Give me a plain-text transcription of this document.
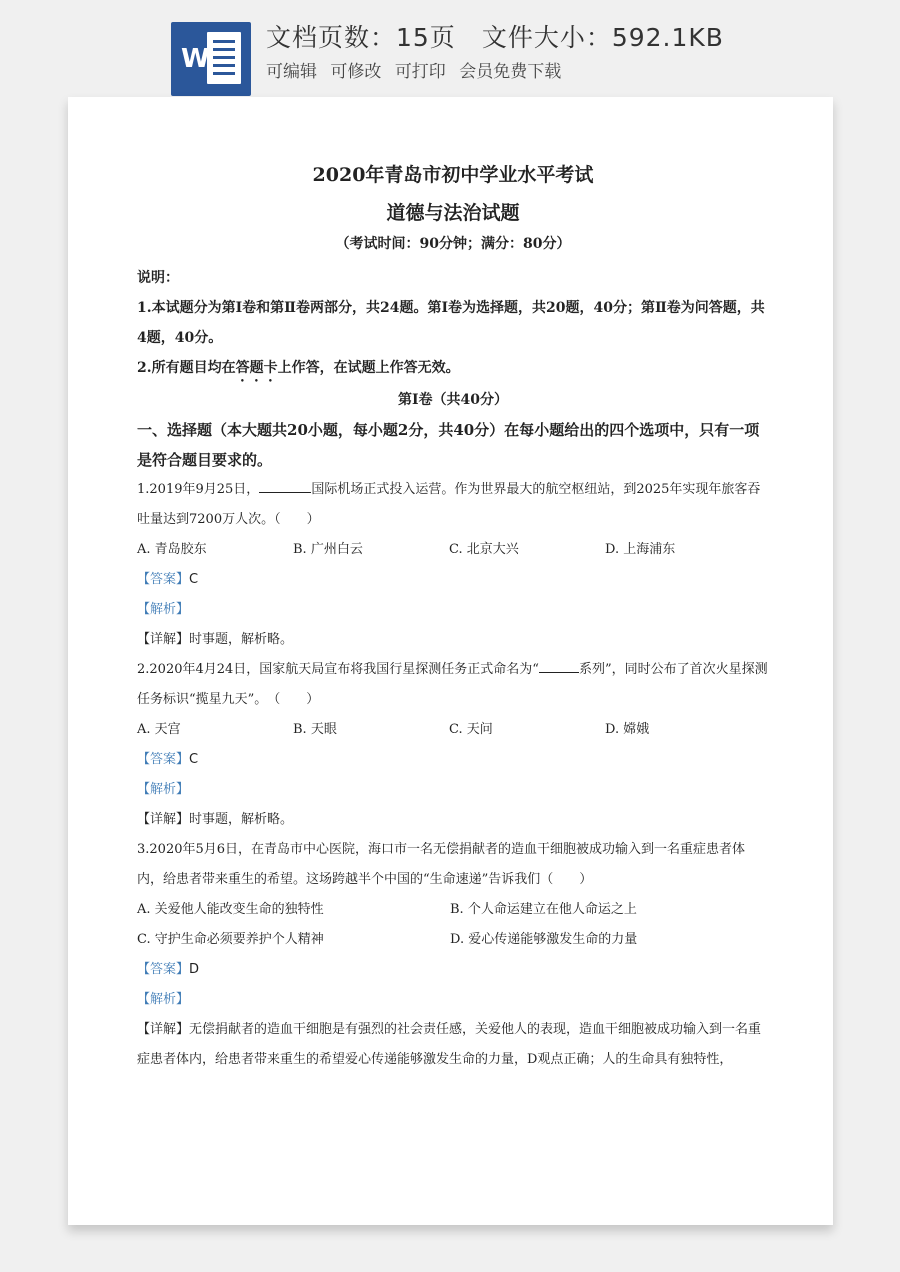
W
文档页数：15页 文件大小：592.1KB
可编辑 可修改 可打印 会员免费下载
2020年青岛市初中学业水平考试
道德与法治试题
（考试时间：90分钟；满分：80分）
说明：
1.本试题分为第Ⅰ卷和第Ⅱ卷两部分，共24题。第Ⅰ卷为选择题，共20题，40分；第Ⅱ卷为问答题，共4题，40分。
2.所有题目均在答题卡上作答，在试题上作答无效。
第Ⅰ卷（共40分）
一、选择题（本大题共20小题，每小题2分，共40分）在每小题给出的四个选项中，只有一项是符合题目要求的。
1.2019年9月25日，	国际机场正式投入运营。作为世界最大的航空枢纽站，到2025年实现年旅客吞吐量达到7200万人次。（　　）
A. 青岛胶东	B. 广州白云	C. 北京大兴	D. 上海浦东
【答案】C
【解析】
【详解】时事题，解析略。
2.2020年4月24日，国家航天局宣布将我国行星探测任务正式命名为“	系列”，同时公布了首次火星探测任务标识“揽星九天”。　（　　）
A. 天宫	B. 天眼	C. 天问	D. 嫦娥
【答案】C
【解析】
【详解】时事题，解析略。
3.2020年5月6日，在青岛市中心医院，海口市一名无偿捐献者的造血干细胞被成功输入到一名重症患者体内，给患者带来重生的希望。这场跨越半个中国的“生命速递”告诉我们（　　）
A. 关爱他人能改变生命的独特性	B. 个人命运建立在他人命运之上
C. 守护生命必须要养护个人精神	D. 爱心传递能够激发生命的力量
【答案】D
【解析】
【详解】无偿捐献者的造血干细胞是有强烈的社会责任感，关爱他人的表现，造血干细胞被成功输入到一名重症患者体内，给患者带来重生的希望爱心传递能够激发生命的力量，D观点正确；人的生命具有独特性，
